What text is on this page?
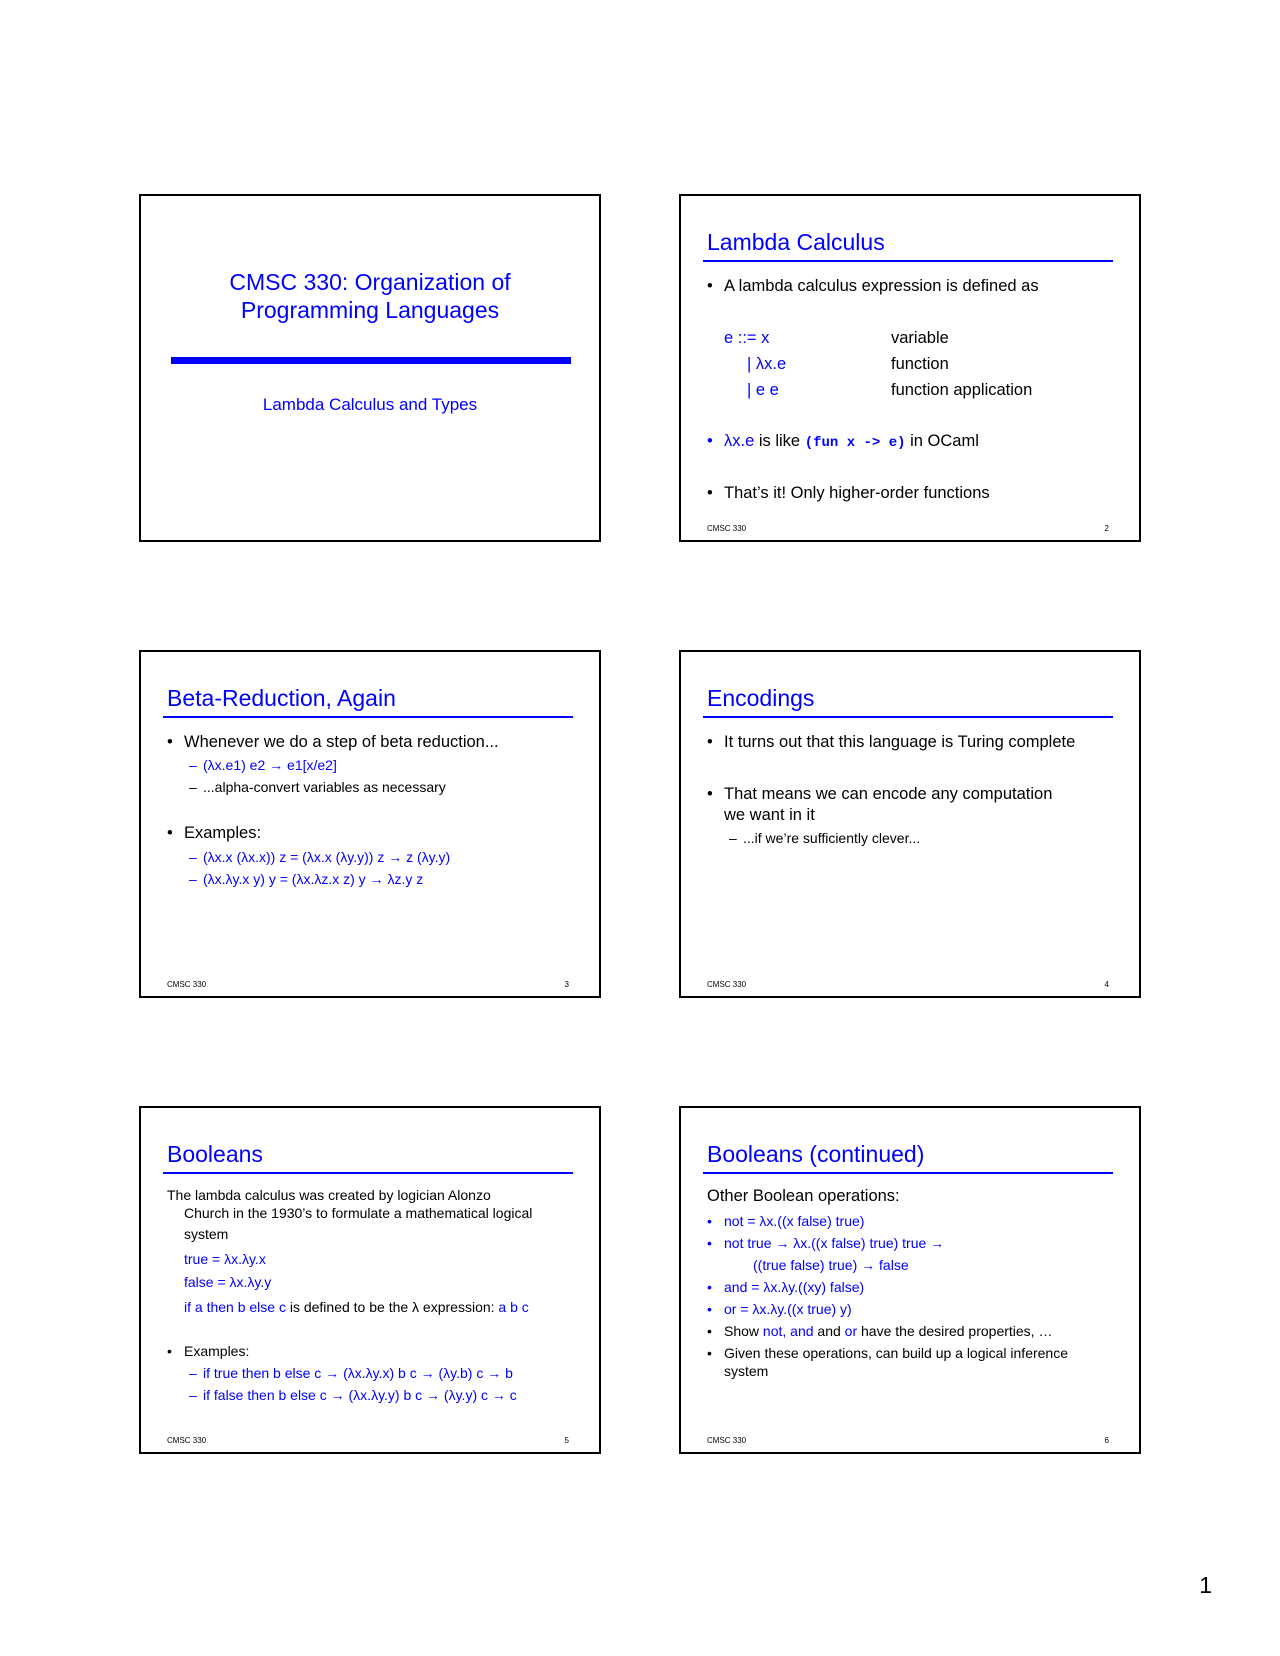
CMSC 330: Organization of
Programming Languages
Lambda Calculus and Types
Lambda Calculus
• A lambda calculus expression is defined as
e ::= x	variable
| λx.e	function
| e e	function application
• λx.e is like (fun x -> e) in OCaml
• That’s it! Only higher-order functions
CMSC 330	2
Beta-Reduction, Again
• Whenever we do a step of beta reduction...
– (λx.e1) e2 → e1[x/e2]
– ...alpha-convert variables as necessary
• Examples:
– (λx.x (λx.x)) z = (λx.x (λy.y)) z → z (λy.y)
– (λx.λy.x y) y = (λx.λz.x z) y → λz.y z
CMSC 330	3
Encodings
• It turns out that this language is Turing complete
• That means we can encode any computation
we want in it
– ...if we’re sufficiently clever...
CMSC 330	4
Booleans
The lambda calculus was created by logician Alonzo
Church in the 1930’s to formulate a mathematical logical
system
true = λx.λy.x
false = λx.λy.y
if a then b else c is defined to be the λ expression: a b c
• Examples:
– if true then b else c → (λx.λy.x) b c → (λy.b) c → b
– if false then b else c → (λx.λy.y) b c → (λy.y) c → c
CMSC 330	5
Booleans (continued)
Other Boolean operations:
• not = λx.((x false) true)
• not true → λx.((x false) true) true →
((true false) true) → false
• and = λx.λy.((xy) false)
• or = λx.λy.((x true) y)
• Show not, and and or have the desired properties, …
• Given these operations, can build up a logical inference
system
CMSC 330	6
1
